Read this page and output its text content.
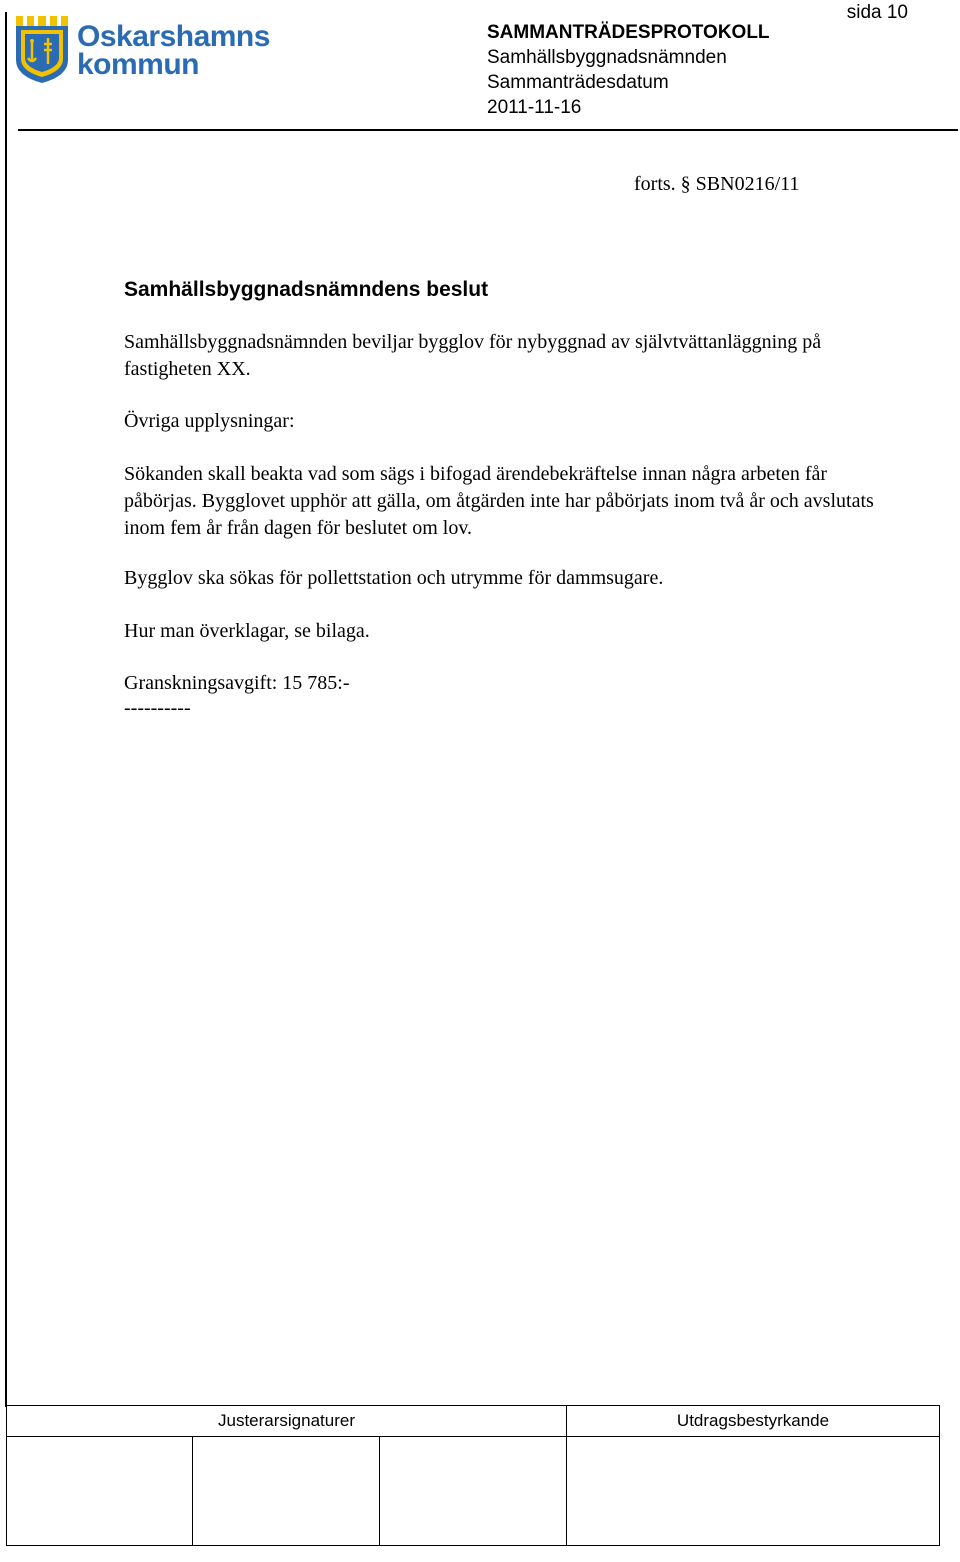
Oskarshamns
kommun
sida 10
SAMMANTRÄDESPROTOKOLL
Samhällsbyggnadsnämnden
Sammanträdesdatum
2011-11-16
forts. § SBN0216/11
Samhällsbyggnadsnämndens beslut
Samhällsbyggnadsnämnden beviljar bygglov för nybyggnad av självtvättanläggning på fastigheten XX.
Övriga upplysningar:
Sökanden skall beakta vad som sägs i bifogad ärendebekräftelse innan några arbeten får påbörjas. Bygglovet upphör att gälla, om åtgärden inte har påbörjats inom två år och avslutats inom fem år från dagen för beslutet om lov.
Bygglov ska sökas för pollettstation och utrymme för dammsugare.
Hur man överklagar, se bilaga.
Granskningsavgift: 15 785:-
----------
Justerarsignaturer			Utdragsbestyrkande
